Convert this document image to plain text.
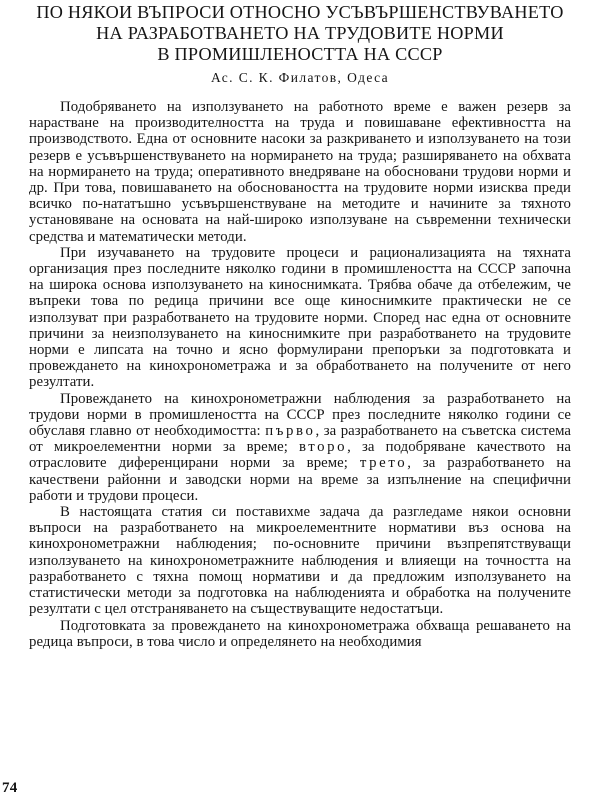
ПО НЯКОИ ВЪПРОСИ ОТНОСНО УСЪВЪРШЕНСТВУВАНЕТО
НА РАЗРАБОТВАНЕТО НА ТРУДОВИТЕ НОРМИ
В ПРОМИШЛЕНОСТТА НА СССР
Ас. С. К. Филатов, Одеса

Подобряването на използуването на работното време е важен резерв за нарастване на производителността на труда и повишаване ефективността на производството. Една от основните насоки за разкриването и използуването на този резерв е усъвършенствуването на нормирането на труда; разширяването на обхвата на нормирането на труда; оперативното внедряване на обосновани трудови норми и др. При това, повишаването на обосноваността на трудовите норми изисква преди всичко по-нататъшно усъвършенствуване на методите и начините за тяхното установяване на основата на най-широко използуване на съвременни технически средства и математически методи.

При изучаването на трудовите процеси и рационализацията на тяхната организация през последните няколко години в промишлеността на СССР започна на широка основа използуването на киноснимката. Трябва обаче да отбележим, че въпреки това по редица причини все още киноснимките практически не се използуват при разработването на трудовите норми. Според нас една от основните причини за неизползуването на киноснимките при разработването на трудовите норми е липсата на точно и ясно формулирани препоръки за подготовката и провеждането на кинохронометража и за обработването на получените от него резултати.

Провеждането на кинохронометражни наблюдения за разработването на трудови норми в промишлеността на СССР през последните няколко години се обуславя главно от необходимостта: първо, за разработването на съветска система от микроелементни норми за време; второ, за подобряване качеството на отрасловите диференцирани норми за време; трето, за разработването на качествени районни и заводски норми на време за изпълнение на специфични работи и трудови процеси.

В настоящата статия си поставихме задача да разгледаме някои основни въпроси на разработването на микроелементните нормативи въз основа на кинохронометражни наблюдения; по-основните причини възпрепятствуващи използуването на кинохронометражните наблюдения и влияещи на точността на разработването с тяхна помощ нормативи и да предложим използуването на статистически методи за подготовка на наблюденията и обработка на получените резултати с цел отстраняването на съществуващите недостатъци.

Подготовката за провеждането на кинохронометража обхваща решаването на редица въпроси, в това число и определянето на необходимия

74
